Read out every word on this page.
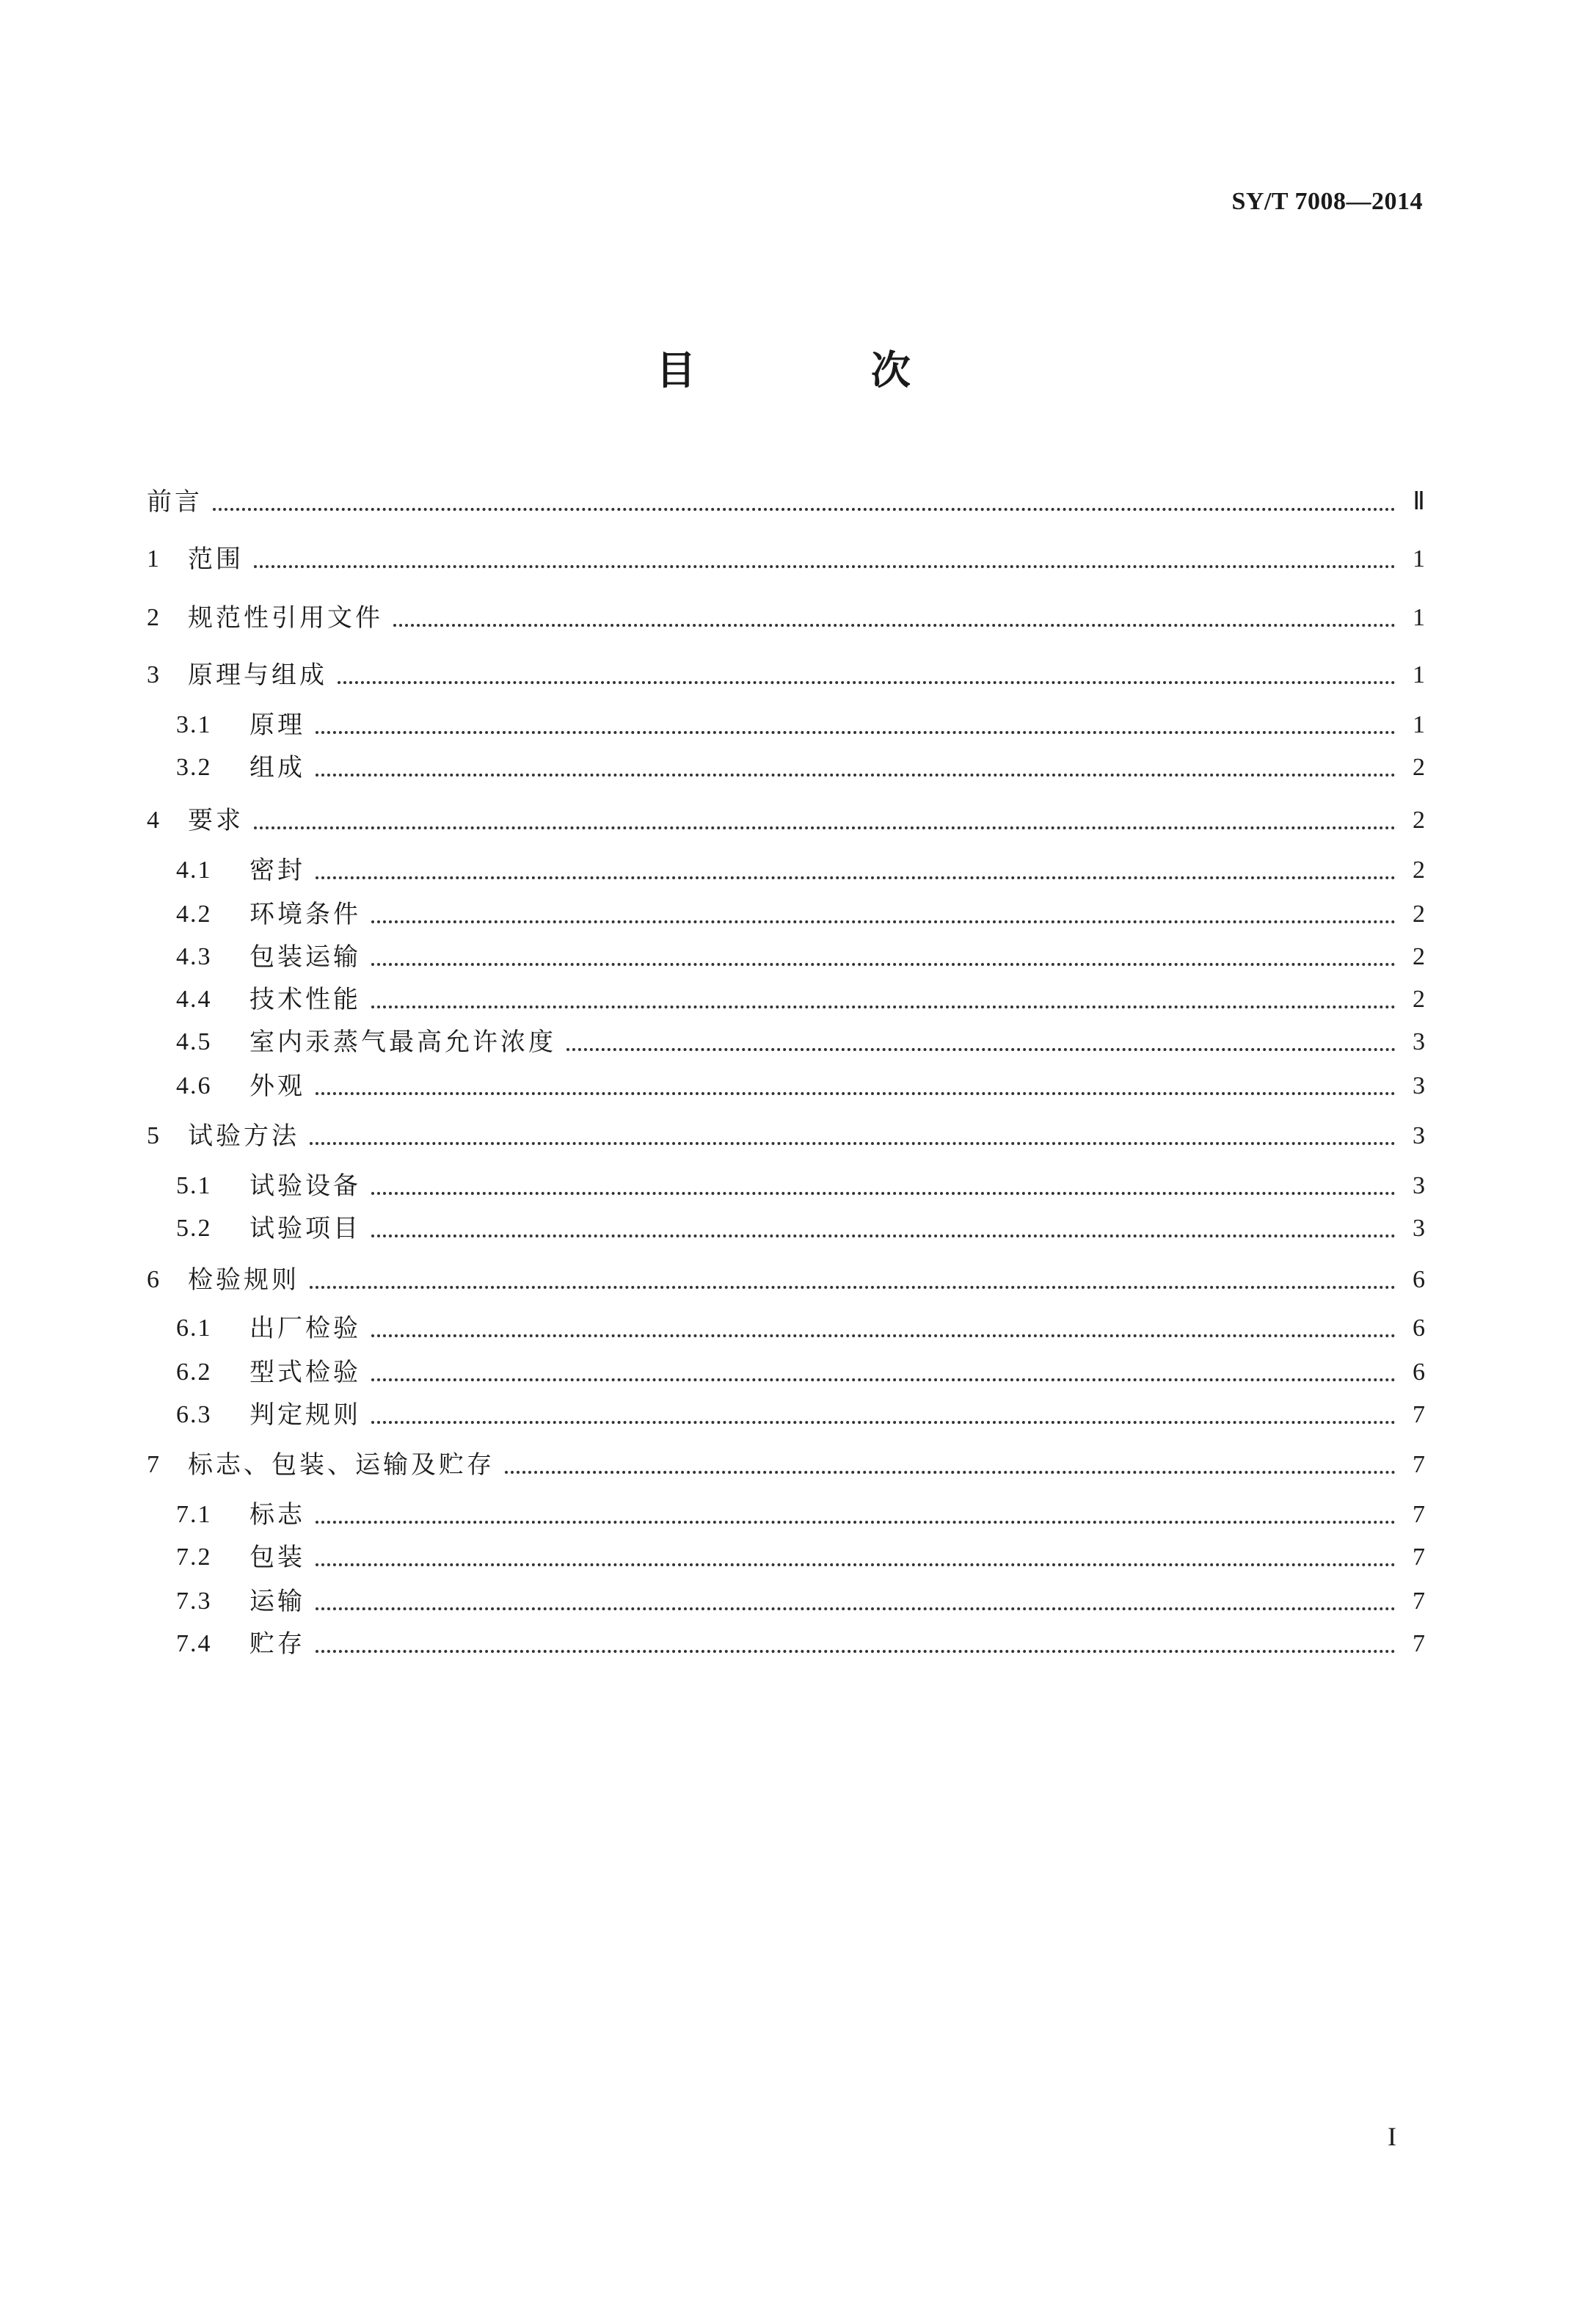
SY/T 7008—2014
目 次
前言	Ⅱ
1	范围	1
2	规范性引用文件	1
3	原理与组成	1
3.1	原理	1
3.2	组成	2
4	要求	2
4.1	密封	2
4.2	环境条件	2
4.3	包装运输	2
4.4	技术性能	2
4.5	室内汞蒸气最高允许浓度	3
4.6	外观	3
5	试验方法	3
5.1	试验设备	3
5.2	试验项目	3
6	检验规则	6
6.1	出厂检验	6
6.2	型式检验	6
6.3	判定规则	7
7	标志、包装、运输及贮存	7
7.1	标志	7
7.2	包装	7
7.3	运输	7
7.4	贮存	7
I
